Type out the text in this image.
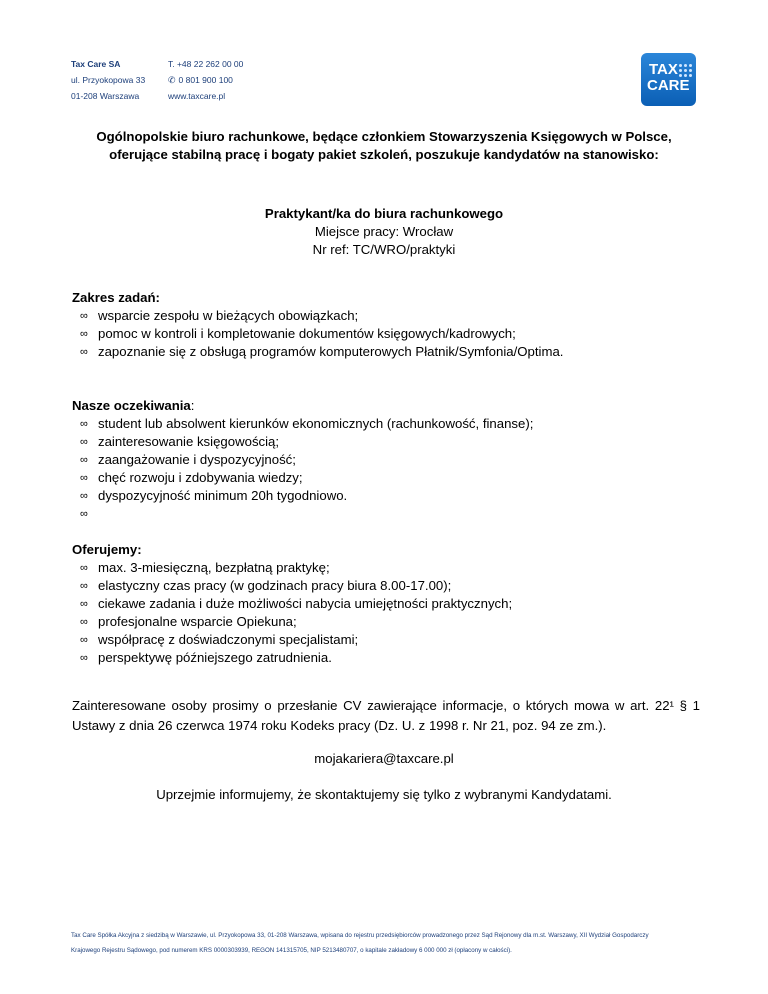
Tax Care SA
ul. Przyokopowa 33
01-208 Warszawa
T. +48 22 262 00 00
✆ 0 801 900 100
www.taxcare.pl
TAX
CARE
Ogólnopolskie biuro rachunkowe, będące członkiem Stowarzyszenia Księgowych w Polsce,
oferujące stabilną pracę i bogaty pakiet szkoleń, poszukuje kandydatów na stanowisko:
Praktykant/ka do biura rachunkowego
Miejsce pracy: Wrocław
Nr ref: TC/WRO/praktyki
Zakres zadań:
∞ wsparcie zespołu w bieżących obowiązkach;
∞ pomoc w kontroli i kompletowanie dokumentów księgowych/kadrowych;
∞ zapoznanie się z obsługą programów komputerowych Płatnik/Symfonia/Optima.
Nasze oczekiwania:
∞ student lub absolwent kierunków ekonomicznych (rachunkowość, finanse);
∞ zainteresowanie księgowością;
∞ zaangażowanie i dyspozycyjność;
∞ chęć rozwoju i zdobywania wiedzy;
∞ dyspozycyjność minimum 20h tygodniowo.
∞
Oferujemy:
∞ max. 3-miesięczną, bezpłatną praktykę;
∞ elastyczny czas pracy (w godzinach pracy biura 8.00-17.00);
∞ ciekawe zadania i duże możliwości nabycia umiejętności praktycznych;
∞ profesjonalne wsparcie Opiekuna;
∞ współpracę z doświadczonymi specjalistami;
∞ perspektywę późniejszego zatrudnienia.
Zainteresowane osoby prosimy o przesłanie CV zawierające informacje, o których mowa w art. 22¹ § 1 Ustawy z dnia 26 czerwca 1974 roku Kodeks pracy (Dz. U. z 1998 r. Nr 21, poz. 94 ze zm.).
mojakariera@taxcare.pl
Uprzejmie informujemy, że skontaktujemy się tylko z wybranymi Kandydatami.
Tax Care Spółka Akcyjna z siedzibą w Warszawie, ul. Przyokopowa 33, 01-208 Warszawa, wpisana do rejestru przedsiębiorców prowadzonego przez Sąd Rejonowy dla m.st. Warszawy, XII Wydział Gospodarczy
Krajowego Rejestru Sądowego, pod numerem KRS 0000303939, REGON 141315705, NIP 5213480707, o kapitale zakładowy 6 000 000 zł (opłacony w całości).
